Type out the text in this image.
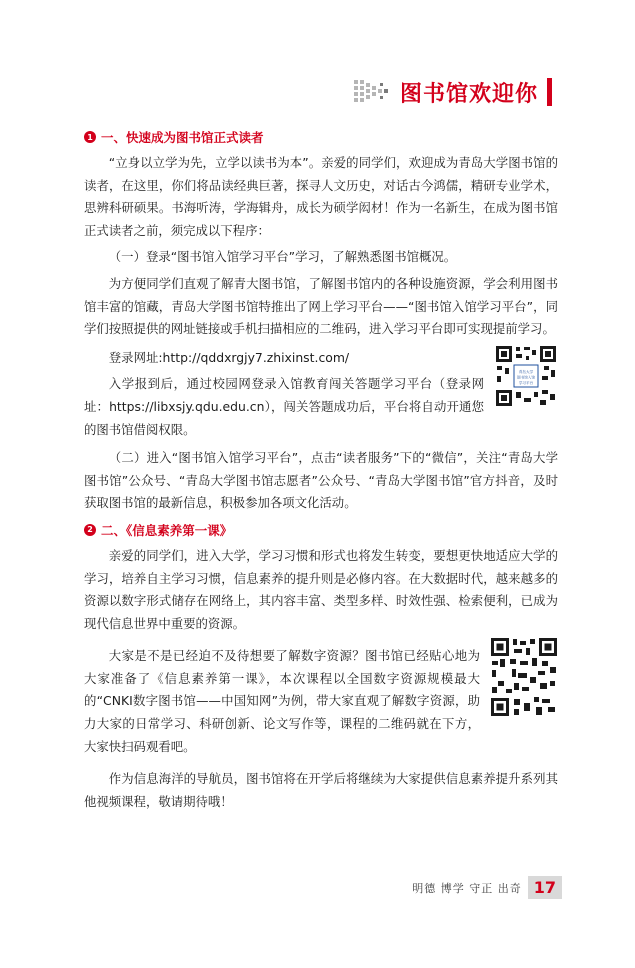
图书馆欢迎你
1 一、快速成为图书馆正式读者

“立身以立学为先，立学以读书为本”。亲爱的同学们，欢迎成为青岛大学图书馆的读者，在这里，你们将品读经典巨著，探寻人文历史，对话古今鸿儒，精研专业学术，思辨科研硕果。书海听涛，学海辑舟，成长为硕学闳材！作为一名新生，在成为图书馆正式读者之前，须完成以下程序：

（一）登录“图书馆入馆学习平台”学习，了解熟悉图书馆概况。

为方便同学们直观了解青大图书馆，了解图书馆内的各种设施资源，学会利用图书馆丰富的馆藏，青岛大学图书馆特推出了网上学习平台——“图书馆入馆学习平台”，同学们按照提供的网址链接或手机扫描相应的二维码，进入学习平台即可实现提前学习。

青岛大学
图书馆入馆
学习平台

登录网址:http://qddxrgjy7.zhixinst.com/

入学报到后，通过校园网登录入馆教育闯关答题学习平台（登录网址：https://libxsjy.qdu.edu.cn），闯关答题成功后，平台将自动开通您的图书馆借阅权限。

（二）进入“图书馆入馆学习平台”，点击“读者服务”下的“微信”，关注“青岛大学图书馆”公众号、“青岛大学图书馆志愿者”公众号、“青岛大学图书馆”官方抖音，及时获取图书馆的最新信息，积极参加各项文化活动。

2 二、《信息素养第一课》

亲爱的同学们，进入大学，学习习惯和形式也将发生转变，要想更快地适应大学的学习，培养自主学习习惯，信息素养的提升则是必修内容。在大数据时代，越来越多的资源以数字形式储存在网络上，其内容丰富、类型多样、时效性强、检索便利，已成为现代信息世界中重要的资源。

大家是不是已经迫不及待想要了解数字资源？图书馆已经贴心地为大家准备了《信息素养第一课》，本次课程以全国数字资源规模最大的“CNKI数字图书馆——中国知网”为例，带大家直观了解数字资源，助力大家的日常学习、科研创新、论文写作等，课程的二维码就在下方，大家快扫码观看吧。

作为信息海洋的导航员，图书馆将在开学后将继续为大家提供信息素养提升系列其他视频课程，敬请期待哦！

明德 博学 守正 出奇 17
